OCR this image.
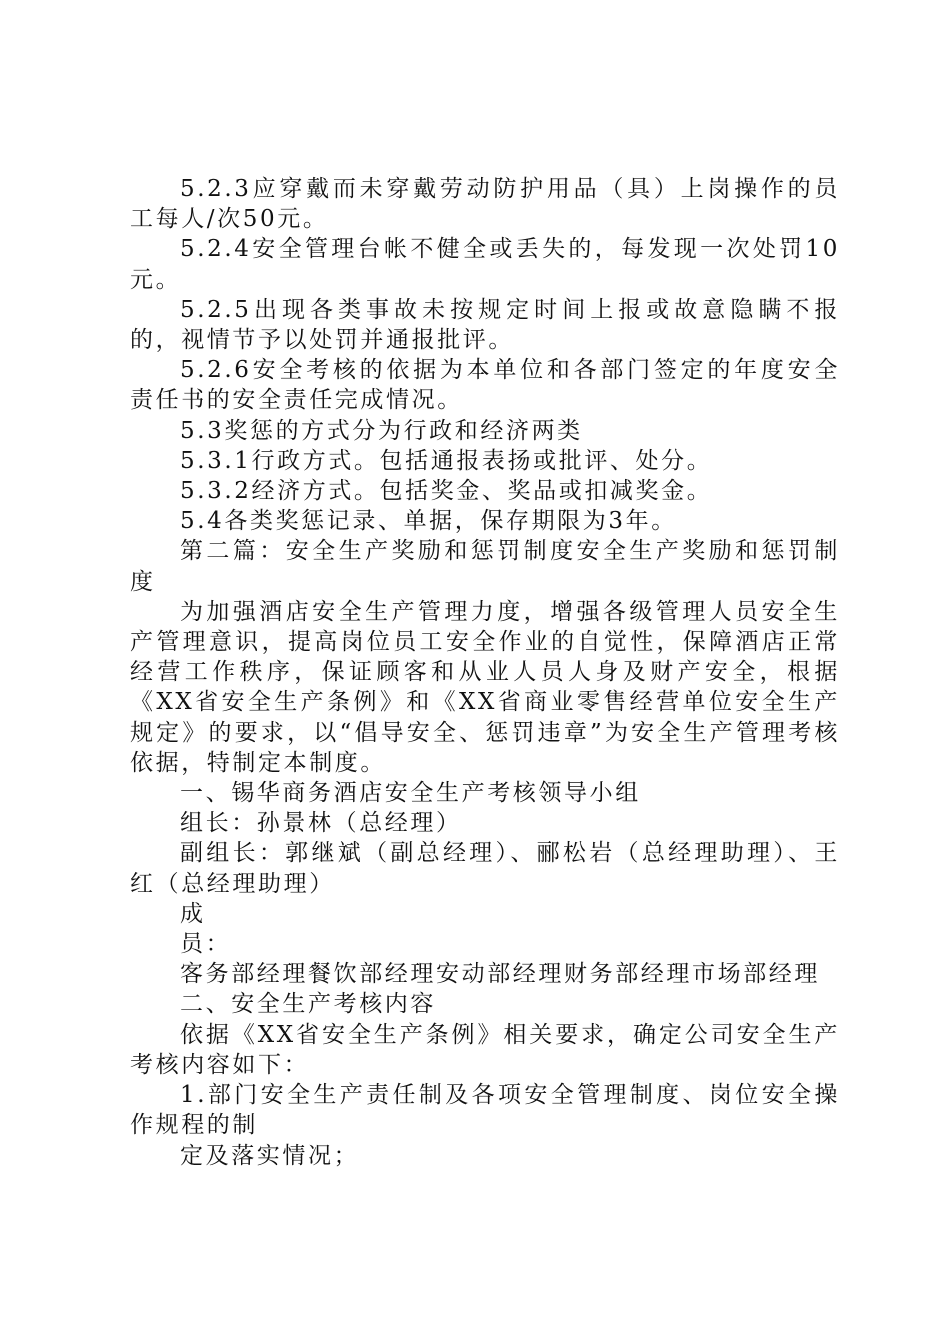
5.2.3应穿戴而未穿戴劳动防护用品（具）上岗操作的员工每人/次50元。

5.2.4安全管理台帐不健全或丢失的，每发现一次处罚10元。

5.2.5出现各类事故未按规定时间上报或故意隐瞒不报的，视情节予以处罚并通报批评。

5.2.6安全考核的依据为本单位和各部门签定的年度安全责任书的安全责任完成情况。

5.3奖惩的方式分为行政和经济两类

5.3.1行政方式。包括通报表扬或批评、处分。

5.3.2经济方式。包括奖金、奖品或扣减奖金。

5.4各类奖惩记录、单据，保存期限为3年。

第二篇：安全生产奖励和惩罚制度安全生产奖励和惩罚制度

为加强酒店安全生产管理力度，增强各级管理人员安全生产管理意识，提高岗位员工安全作业的自觉性，保障酒店正常经营工作秩序，保证顾客和从业人员人身及财产安全，根据《XX省安全生产条例》和《XX省商业零售经营单位安全生产规定》的要求，以“倡导安全、惩罚违章”为安全生产管理考核依据，特制定本制度。

一、锡华商务酒店安全生产考核领导小组

组长：孙景林（总经理）

副组长：郭继斌（副总经理）、郦松岩（总经理助理）、王红（总经理助理）

成

员：

客务部经理餐饮部经理安动部经理财务部经理市场部经理

二、安全生产考核内容

依据《XX省安全生产条例》相关要求，确定公司安全生产考核内容如下：

1.部门安全生产责任制及各项安全管理制度、岗位安全操作规程的制

定及落实情况；
